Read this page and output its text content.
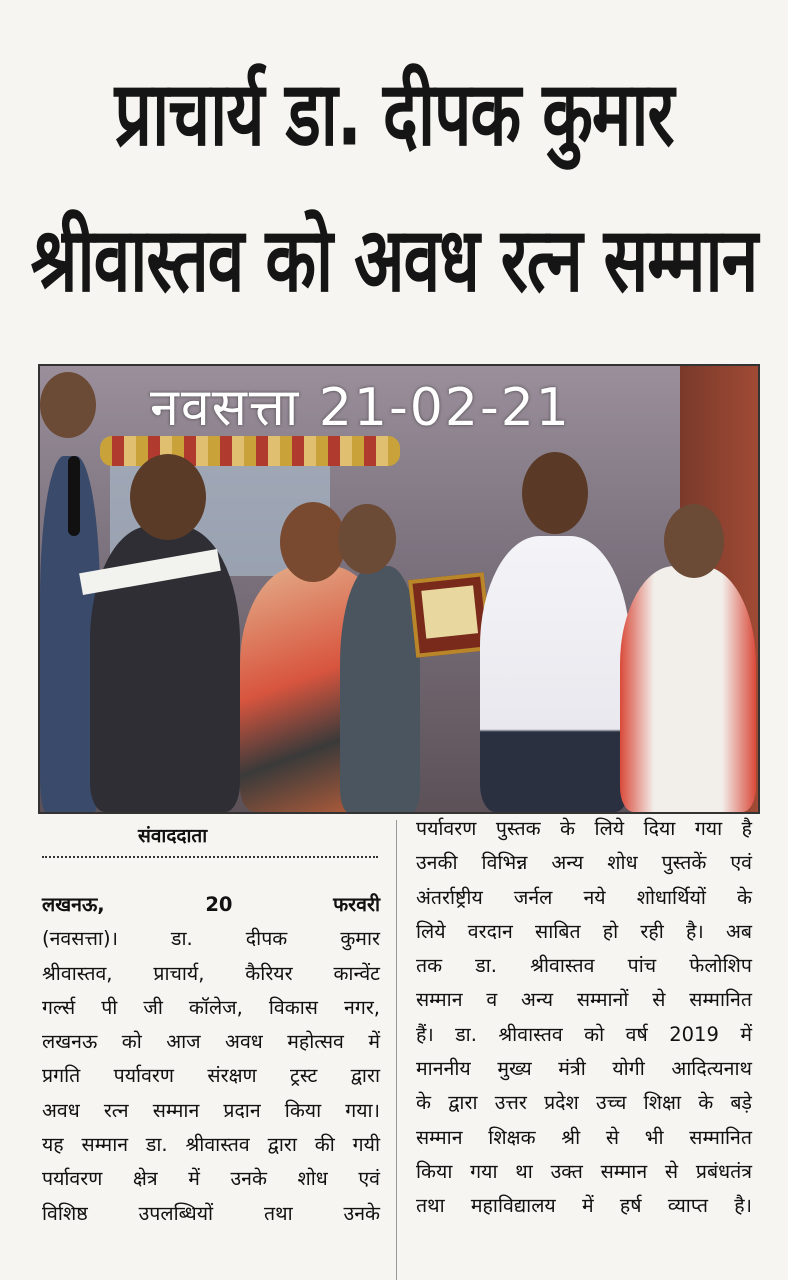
प्राचार्य डा. दीपक कुमार
श्रीवास्तव को अवध रत्न सम्मान
नवसत्ता 21-02-21
संवाददाता
लखनऊ, 20 फरवरी
(नवसत्ता)। डा. दीपक कुमार
श्रीवास्तव, प्राचार्य, कैरियर कान्वेंट
गर्ल्स पी जी कॉलेज, विकास नगर,
लखनऊ को आज अवध महोत्सव में
प्रगति पर्यावरण संरक्षण ट्रस्ट द्वारा
अवध रत्न सम्मान प्रदान किया गया।
यह सम्मान डा. श्रीवास्तव द्वारा की गयी
पर्यावरण क्षेत्र में उनके शोध एवं
विशिष्ठ उपलब्धियों तथा उनके
पर्यावरण पुस्तक के लिये दिया गया है
उनकी विभिन्न अन्य शोध पुस्तकें एवं
अंतर्राष्ट्रीय जर्नल नये शोधार्थियों के
लिये वरदान साबित हो रही है। अब
तक डा. श्रीवास्तव पांच फेलोशिप
सम्मान व अन्य सम्मानों से सम्मानित
हैं। डा. श्रीवास्तव को वर्ष 2019 में
माननीय मुख्य मंत्री योगी आदित्यनाथ
के द्वारा उत्तर प्रदेश उच्च शिक्षा के बड़े
सम्मान शिक्षक श्री से भी सम्मानित
किया गया था उक्त सम्मान से प्रबंधतंत्र
तथा महाविद्यालय में हर्ष व्याप्त है।
